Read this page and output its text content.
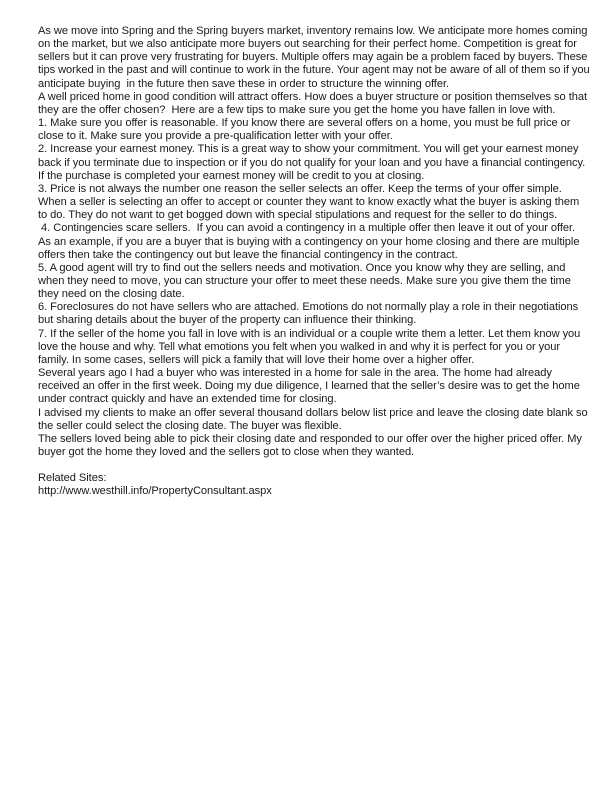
As we move into Spring and the Spring buyers market, inventory remains low. We anticipate more homes coming on the market, but we also anticipate more buyers out searching for their perfect home. Competition is great for sellers but it can prove very frustrating for buyers. Multiple offers may again be a problem faced by buyers. These tips worked in the past and will continue to work in the future. Your agent may not be aware of all of them so if you anticipate buying  in the future then save these in order to structure the winning offer.

A well priced home in good condition will attract offers. How does a buyer structure or position themselves so that they are the offer chosen?  Here are a few tips to make sure you get the home you have fallen in love with.

1. Make sure you offer is reasonable. If you know there are several offers on a home, you must be full price or close to it. Make sure you provide a pre-qualification letter with your offer.

2. Increase your earnest money. This is a great way to show your commitment. You will get your earnest money back if you terminate due to inspection or if you do not qualify for your loan and you have a financial contingency. If the purchase is completed your earnest money will be credit to you at closing.

3. Price is not always the number one reason the seller selects an offer. Keep the terms of your offer simple. When a seller is selecting an offer to accept or counter they want to know exactly what the buyer is asking them to do. They do not want to get bogged down with special stipulations and request for the seller to do things.

4. Contingencies scare sellers.  If you can avoid a contingency in a multiple offer then leave it out of your offer. As an example, if you are a buyer that is buying with a contingency on your home closing and there are multiple offers then take the contingency out but leave the financial contingency in the contract.

5. A good agent will try to find out the sellers needs and motivation. Once you know why they are selling, and when they need to move, you can structure your offer to meet these needs. Make sure you give them the time they need on the closing date.

6. Foreclosures do not have sellers who are attached. Emotions do not normally play a role in their negotiations but sharing details about the buyer of the property can influence their thinking.

7. If the seller of the home you fall in love with is an individual or a couple write them a letter. Let them know you love the house and why. Tell what emotions you felt when you walked in and why it is perfect for you or your family. In some cases, sellers will pick a family that will love their home over a higher offer.

Several years ago I had a buyer who was interested in a home for sale in the area. The home had already received an offer in the first week. Doing my due diligence, I learned that the seller’s desire was to get the home under contract quickly and have an extended time for closing.

I advised my clients to make an offer several thousand dollars below list price and leave the closing date blank so the seller could select the closing date. The buyer was flexible.

The sellers loved being able to pick their closing date and responded to our offer over the higher priced offer. My buyer got the home they loved and the sellers got to close when they wanted.

Related Sites:

http://www.westhill.info/PropertyConsultant.aspx
